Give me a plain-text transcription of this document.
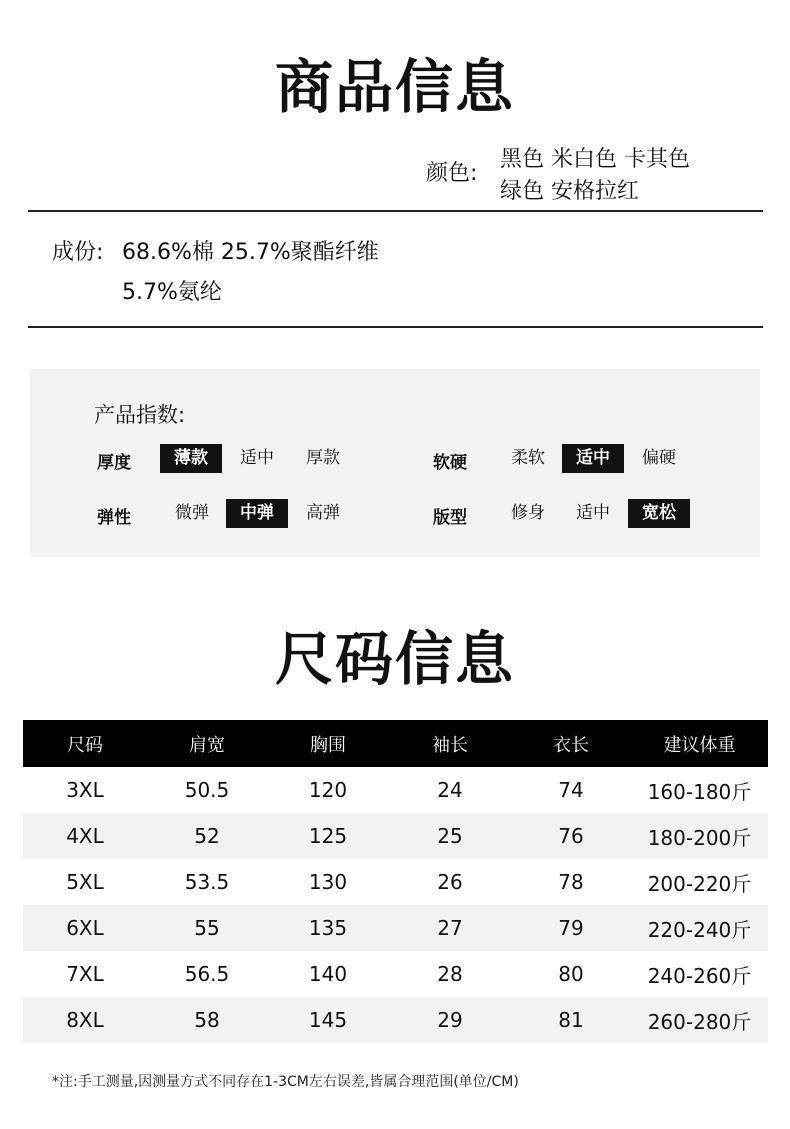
商品信息
颜色:
黑色 米白色 卡其色
绿色 安格拉红
成份: 68.6%棉 25.7%聚酯纤维
5.7%氨纶
产品指数:
厚度	薄款	适中	厚款	软硬	柔软	适中	偏硬
弹性	微弹	中弹	高弹	版型	修身	适中	宽松
尺码信息
尺码	肩宽	胸围	袖长	衣长	建议体重
3XL	50.5	120	24	74	160-180斤
4XL	52	125	25	76	180-200斤
5XL	53.5	130	26	78	200-220斤
6XL	55	135	27	79	220-240斤
7XL	56.5	140	28	80	240-260斤
8XL	58	145	29	81	260-280斤
*注:手工测量,因测量方式不同存在1-3CM左右误差,皆属合理范围(单位/CM)
